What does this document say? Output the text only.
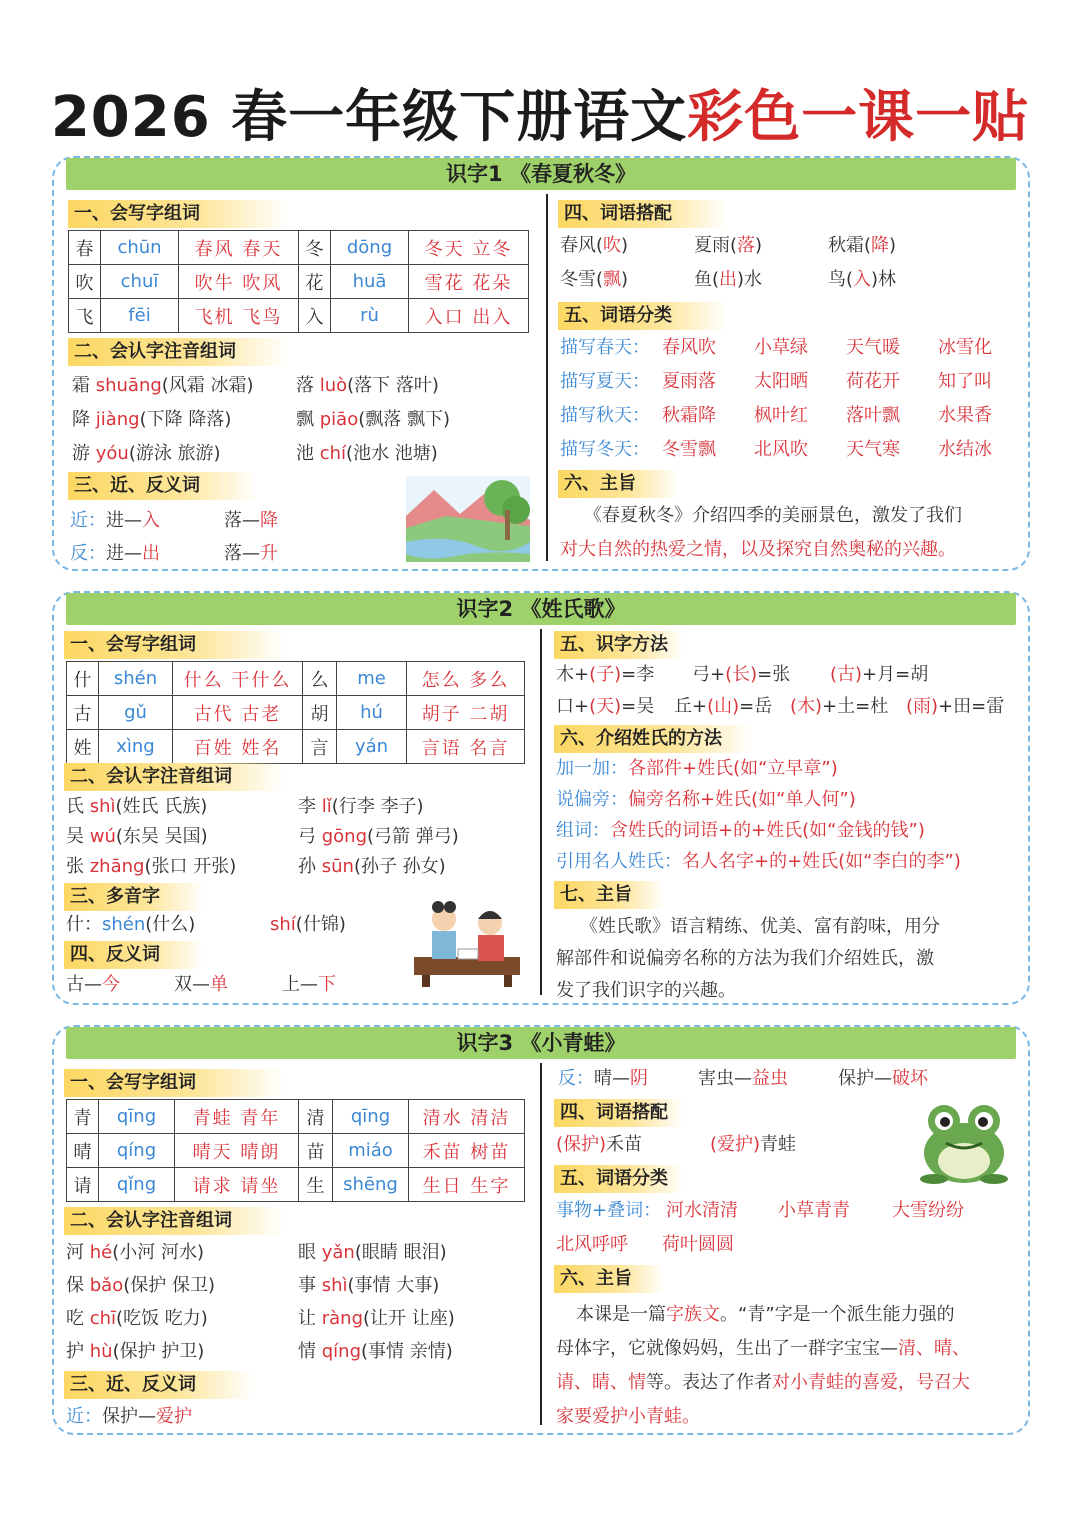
2026 春一年级下册语文彩色一课一贴
识字1 《春夏秋冬》
一、会写字组词
春	chūn	春风 春天	冬	dōng	冬天 立冬
吹	chuī	吹牛 吹风	花	huā	雪花 花朵
飞	fēi	飞机 飞鸟	入	rù	入口 出入
二、会认字注音组词
霜 shuāng(风霜 冰霜) 落 luò(落下 落叶)
降 jiàng(下降 降落)	飘 piāo(飘落 飘下)
游 yóu(游泳 旅游)	池 chí(池水 池塘)
三、近、反义词
近：进—入	落—降
反：进—出	落—升
四、词语搭配
春风(吹)	夏雨(落)	秋霜(降)
冬雪(飘)	鱼(出)水	鸟(入)林
五、词语分类
描写春天： 春风吹 小草绿 天气暖 冰雪化
描写夏天： 夏雨落 太阳晒 荷花开 知了叫
描写秋天： 秋霜降 枫叶红 落叶飘 水果香
描写冬天： 冬雪飘 北风吹 天气寒 水结冰
六、主旨
《春夏秋冬》介绍四季的美丽景色，激发了我们
对大自然的热爱之情，以及探究自然奥秘的兴趣。
识字2 《姓氏歌》
一、会写字组词
什	shén	什么 干什么	么	me	怎么 多么
古	gǔ	古代 古老	胡	hú	胡子 二胡
姓	xìng	百姓 姓名	言	yán	言语 名言
二、会认字注音组词
氏 shì(姓氏 氏族)	李 lǐ(行李 李子)
吴 wú(东吴 吴国)	弓 gōng(弓箭 弹弓)
张 zhāng(张口 开张)	孙 sūn(孙子 孙女)
三、多音字
什：shén(什么)	shí(什锦)
四、反义词
古—今	双—单	上—下
五、识字方法
木+(子)=李 弓+(长)=张 (古)+月=胡
口+(天)=吴 丘+(山)=岳 (木)+土=杜 (雨)+田=雷
六、介绍姓氏的方法
加一加：各部件+姓氏(如“立早章”)
说偏旁：偏旁名称+姓氏(如“单人何”)
组词：含姓氏的词语+的+姓氏(如“金钱的钱”)
引用名人姓氏：名人名字+的+姓氏(如“李白的李”)
七、主旨
《姓氏歌》语言精练、优美、富有韵味，用分
解部件和说偏旁名称的方法为我们介绍姓氏，激
发了我们识字的兴趣。
识字3 《小青蛙》
一、会写字组词
青	qīng	青蛙 青年	清	qīng	清水 清洁
晴	qíng	晴天 晴朗	苗	miáo	禾苗 树苗
请	qǐng	请求 请坐	生	shēng	生日 生字
二、会认字注音组词
河 hé(小河 河水)	眼 yǎn(眼睛 眼泪)
保 bǎo(保护 保卫)	事 shì(事情 大事)
吃 chī(吃饭 吃力)	让 ràng(让开 让座)
护 hù(保护 护卫)	情 qíng(事情 亲情)
三、近、反义词
近：保护—爱护
反：晴—阴	害虫—益虫	保护—破坏
四、词语搭配
(保护)禾苗	(爱护)青蛙
五、词语分类
事物+叠词： 河水清清 小草青青 大雪纷纷
北风呼呼 荷叶圆圆
六、主旨
本课是一篇字族文。“青”字是一个派生能力强的
母体字，它就像妈妈，生出了一群字宝宝—清、晴、
请、睛、情等。表达了作者对小青蛙的喜爱，号召大
家要爱护小青蛙。
